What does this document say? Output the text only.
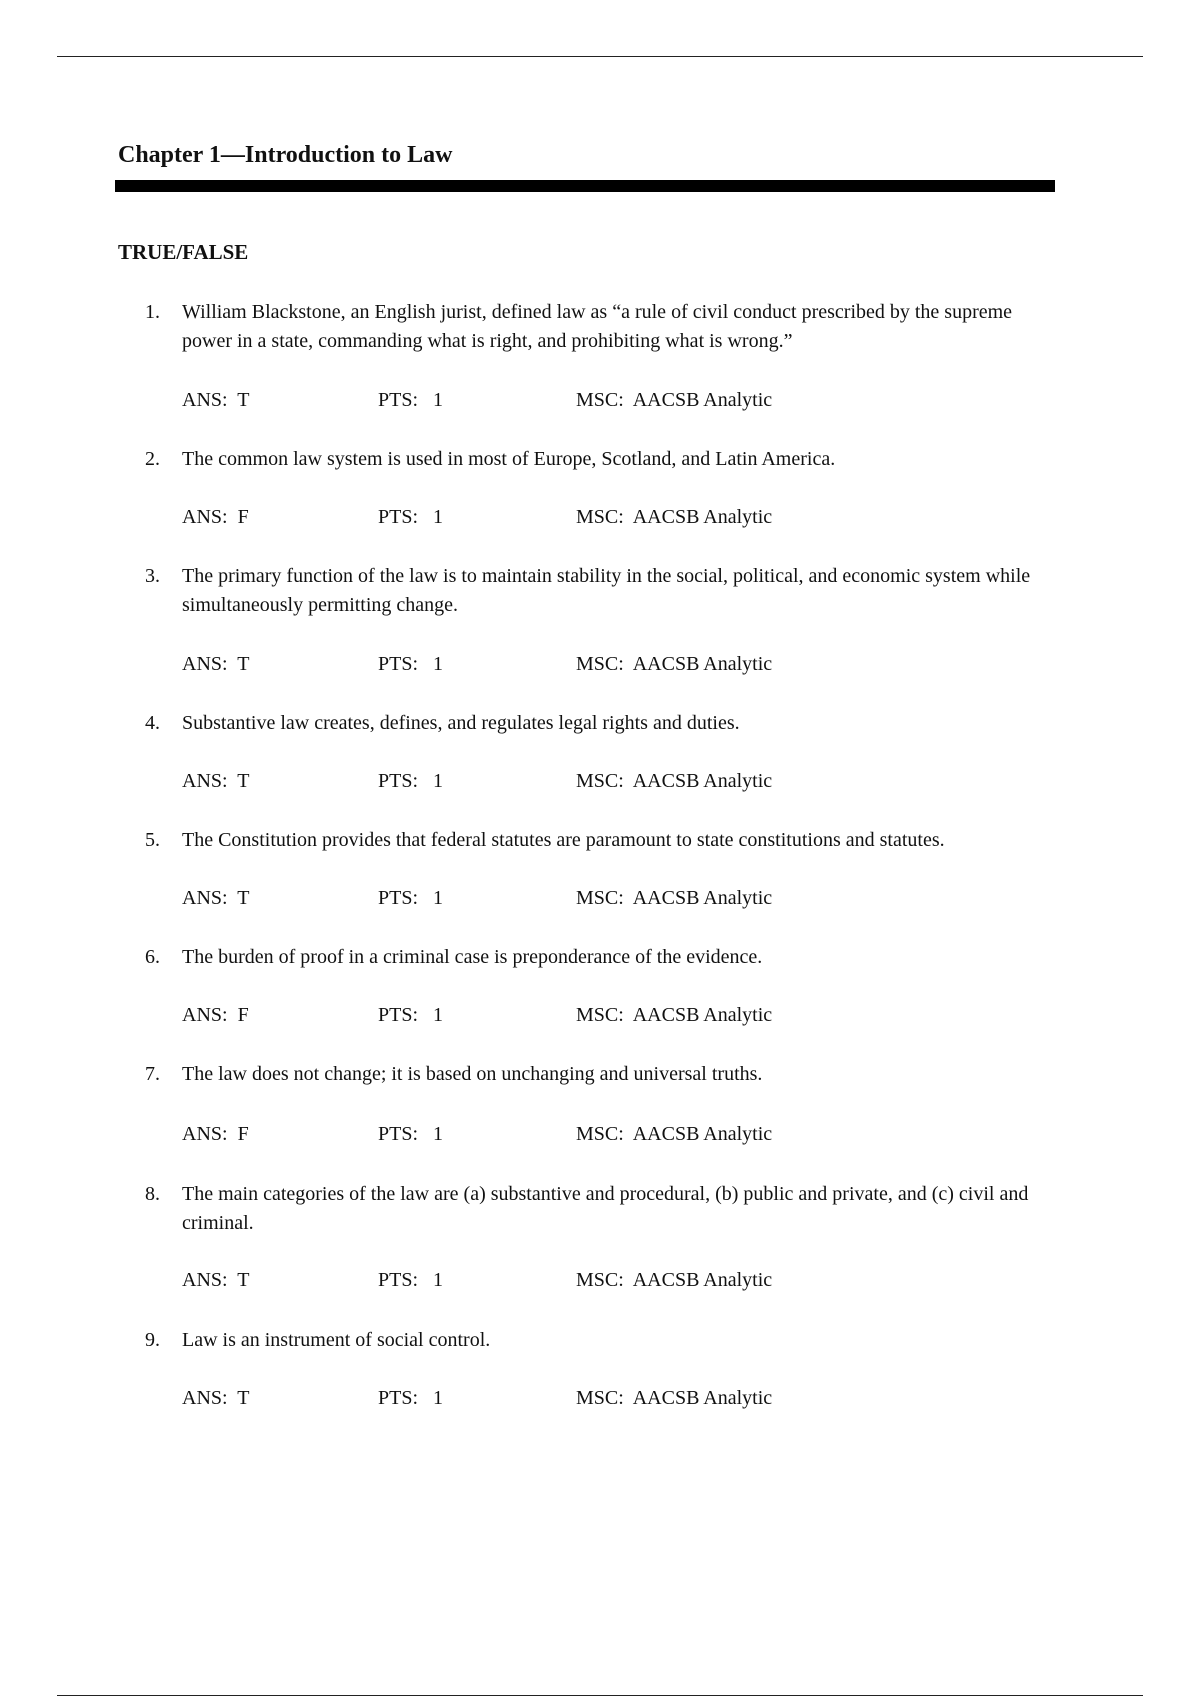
Chapter 1—Introduction to Law
TRUE/FALSE
1. William Blackstone, an English jurist, defined law as “a rule of civil conduct prescribed by the supreme power in a state, commanding what is right, and prohibiting what is wrong.”

ANS: T	PTS: 1	MSC: AACSB Analytic
2. The common law system is used in most of Europe, Scotland, and Latin America.

ANS: F	PTS: 1	MSC: AACSB Analytic
3. The primary function of the law is to maintain stability in the social, political, and economic system while simultaneously permitting change.

ANS: T	PTS: 1	MSC: AACSB Analytic
4. Substantive law creates, defines, and regulates legal rights and duties.

ANS: T	PTS: 1	MSC: AACSB Analytic
5. The Constitution provides that federal statutes are paramount to state constitutions and statutes.

ANS: T	PTS: 1	MSC: AACSB Analytic
6. The burden of proof in a criminal case is preponderance of the evidence.

ANS: F	PTS: 1	MSC: AACSB Analytic
7. The law does not change; it is based on unchanging and universal truths.

ANS: F	PTS: 1	MSC: AACSB Analytic
8. The main categories of the law are (a) substantive and procedural, (b) public and private, and (c) civil and criminal.

ANS: T	PTS: 1	MSC: AACSB Analytic
9. Law is an instrument of social control.

ANS: T	PTS: 1	MSC: AACSB Analytic
